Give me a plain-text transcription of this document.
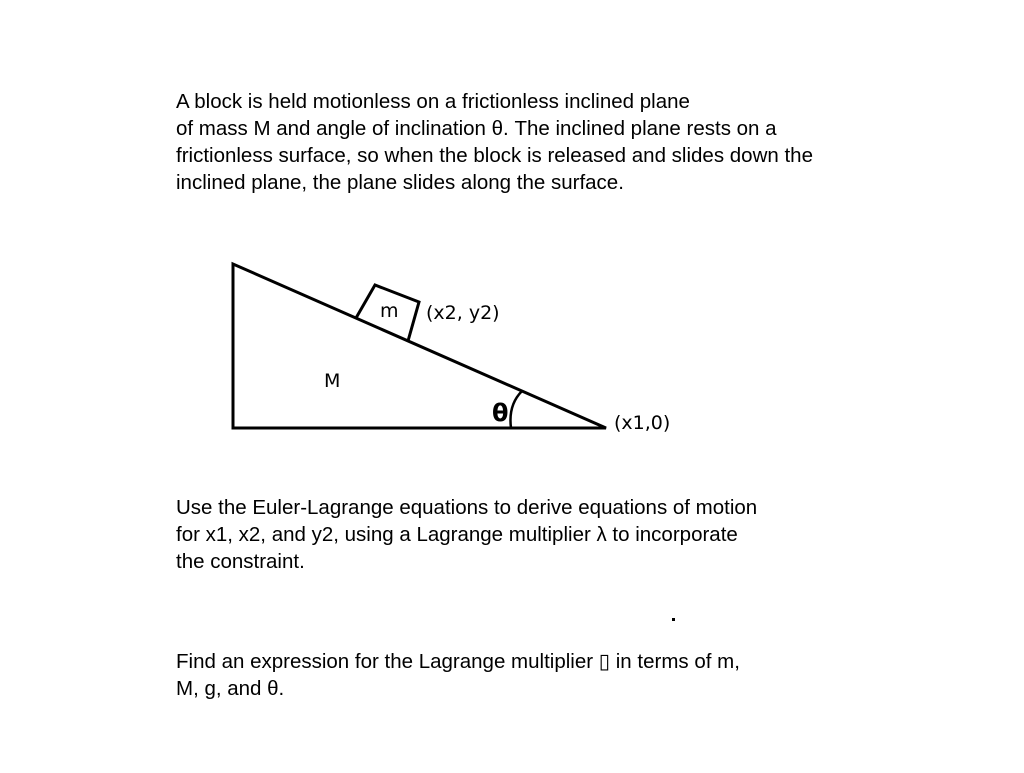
A block is held motionless on a frictionless inclined plane
of mass M and angle of inclination θ. The inclined plane rests on a
frictionless surface, so when the block is released and slides down the
inclined plane, the plane slides along the surface.
m (x2, y2)
M
θ	(x1,0)
Use the Euler-Lagrange equations to derive equations of motion
for x1, x2, and y2, using a Lagrange multiplier λ to incorporate
the constraint.
Find an expression for the Lagrange multiplier ▯ in terms of m,
M, g, and θ.
